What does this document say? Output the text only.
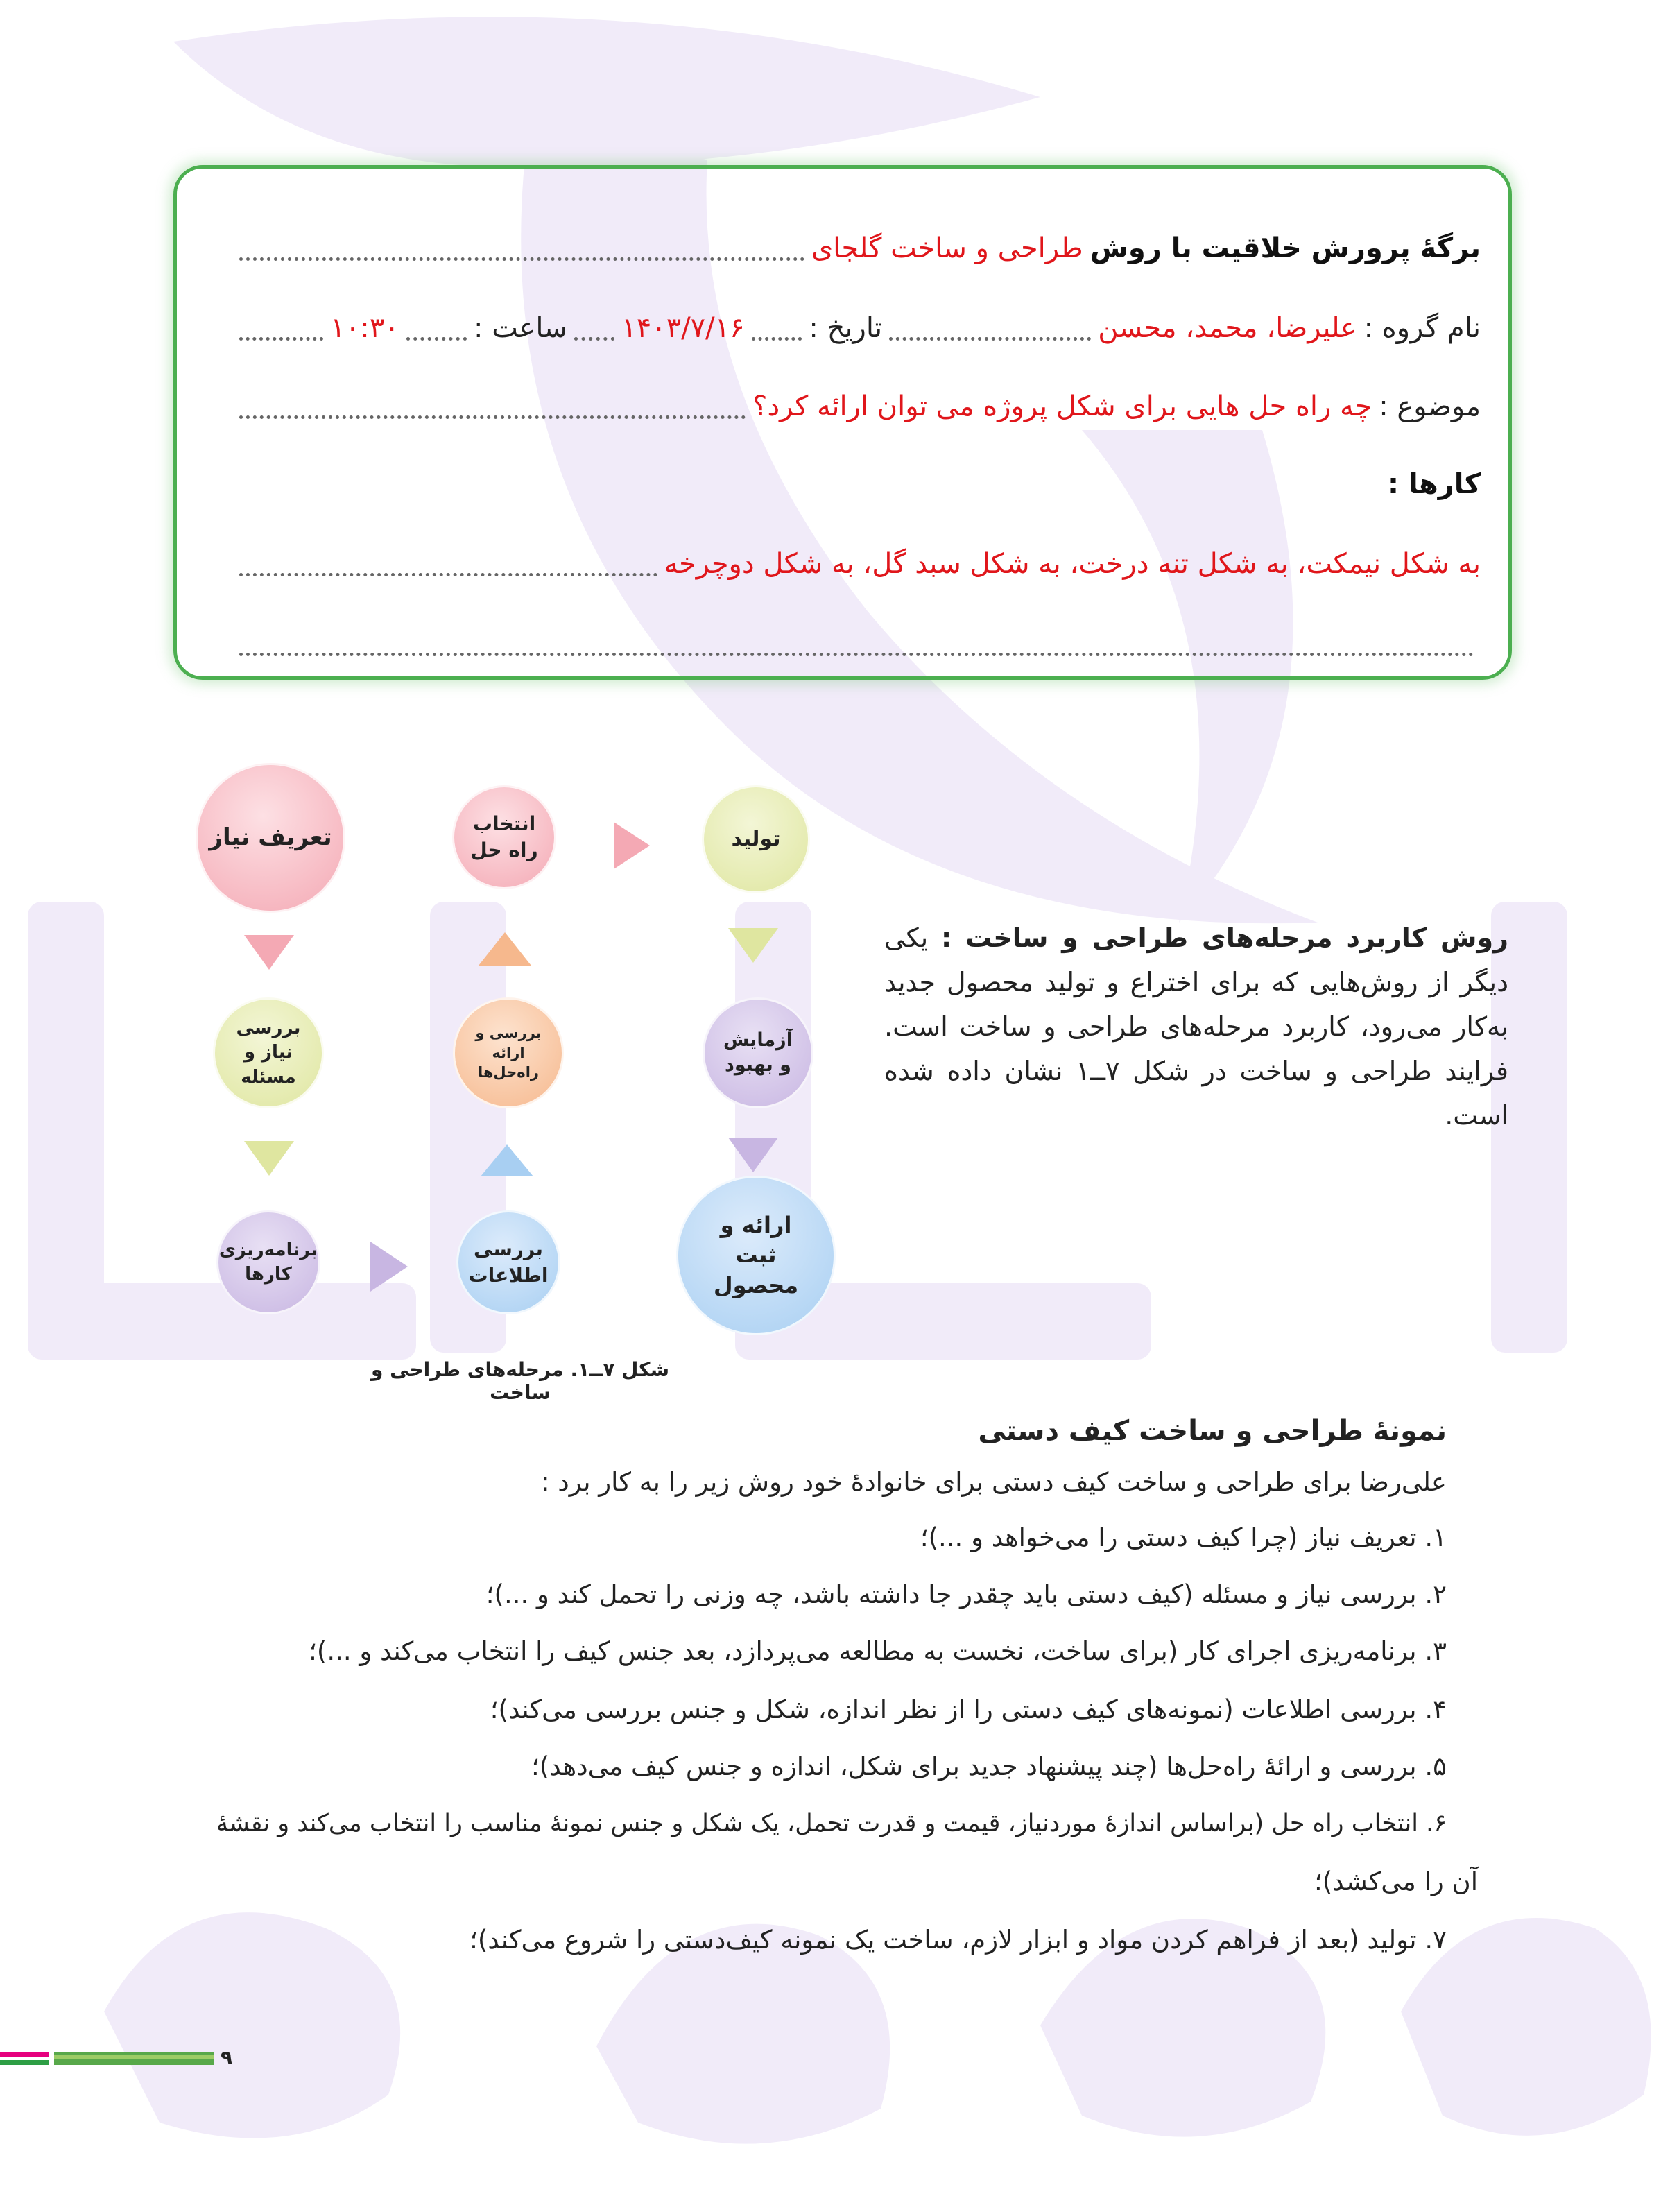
برگهٔ پرورش خلاقیت با روش
طراحی و ساخت گلجای
نام گروه :
علیرضا، محمد، محسن
تاریخ :
۱۴۰۳/۷/۱۶
ساعت :
۱۰:۳۰
موضوع :
چه راه حل هایی برای شکل پروژه می توان ارائه کرد؟
کارها :
به شکل نیمکت، به شکل تنه درخت، به شکل سبد گل، به شکل دوچرخه
تعریف نیاز	انتخاب راه حل	تولید
بررسی نیاز و مسئله
بررسی و ارائه راه‌حل‌ها
آزمایش و بهبود
برنامه‌ریزی کارها
بررسی اطلاعات
ارائه و ثبت محصول
شکل ۷ــ۱. مرحله‌های طراحی و ساخت
روش کاربرد مرحله‌های طراحی و ساخت : یکی دیگر از روش‌هایی که برای اختراع و تولید محصول جدید به‌کار می‌رود، کاربرد مرحله‌های طراحی و ساخت است. فرایند طراحی و ساخت در شکل ۷ــ۱ نشان داده شده است.
نمونهٔ طراحی و ساخت کیف دستی
علی‌رضا برای طراحی و ساخت کیف دستی برای خانوادهٔ خود روش زیر را به کار برد :
۱. تعریف نیاز (چرا کیف دستی را می‌خواهد و ...)؛
۲. بررسی نیاز و مسئله (کیف دستی باید چقدر جا داشته باشد، چه وزنی را تحمل کند و ...)؛
۳. برنامه‌ریزی اجرای کار (برای ساخت، نخست به مطالعه می‌پردازد، بعد جنس کیف را انتخاب می‌کند و ...)؛
۴. بررسی اطلاعات (نمونه‌های کیف دستی را از نظر اندازه، شکل و جنس بررسی می‌کند)؛
۵. بررسی و ارائهٔ راه‌حل‌ها (چند پیشنهاد جدید برای شکل، اندازه و جنس کیف می‌دهد)؛
۶. انتخاب راه حل (براساس اندازهٔ موردنیاز، قیمت و قدرت تحمل، یک شکل و جنس نمونهٔ مناسب را انتخاب می‌کند و نقشهٔ
آن را می‌کشد)؛
۷. تولید (بعد از فراهم کردن مواد و ابزار لازم، ساخت یک نمونه کیف‌دستی را شروع می‌کند)؛
۹
